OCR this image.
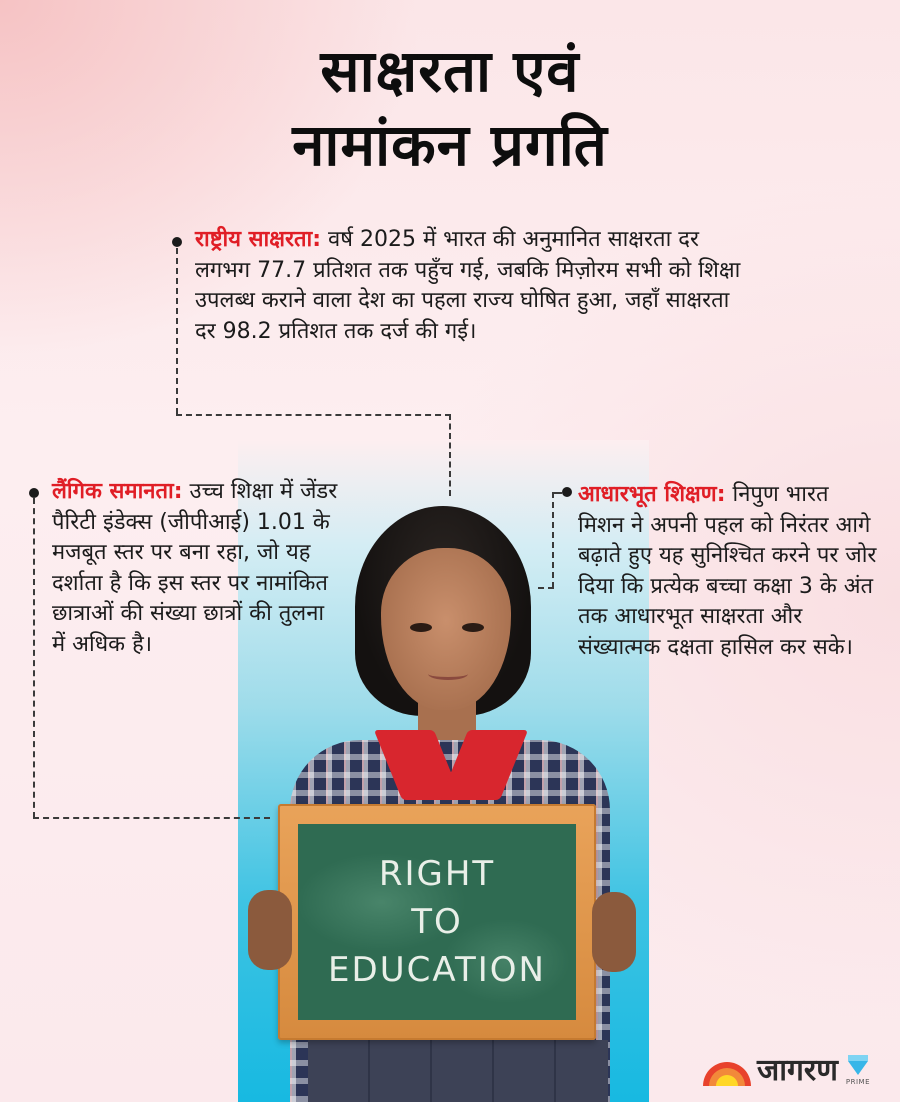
साक्षरता एवं
नामांकन प्रगति
RIGHT
TO
EDUCATION
राष्ट्रीय साक्षरता: वर्ष 2025 में भारत की अनुमानित साक्षरता दर लगभग 77.7 प्रतिशत तक पहुँच गई, जबकि मिज़ोरम सभी को शिक्षा उपलब्ध कराने वाला देश का पहला राज्य घोषित हुआ, जहाँ साक्षरता दर 98.2 प्रतिशत तक दर्ज की गई।
लैंगिक समानता: उच्च शिक्षा में जेंडर पैरिटी इंडेक्स (जीपीआई) 1.01 के मजबूत स्तर पर बना रहा, जो यह दर्शाता है कि इस स्तर पर नामांकित छात्राओं की संख्या छात्रों की तुलना में अधिक है।
आधारभूत शिक्षण: निपुण भारत मिशन ने अपनी पहल को निरंतर आगे बढ़ाते हुए यह सुनिश्चित करने पर जोर दिया कि प्रत्येक बच्चा कक्षा 3 के अंत तक आधारभूत साक्षरता और संख्यात्मक दक्षता हासिल कर सके।
जागरण PRIME
